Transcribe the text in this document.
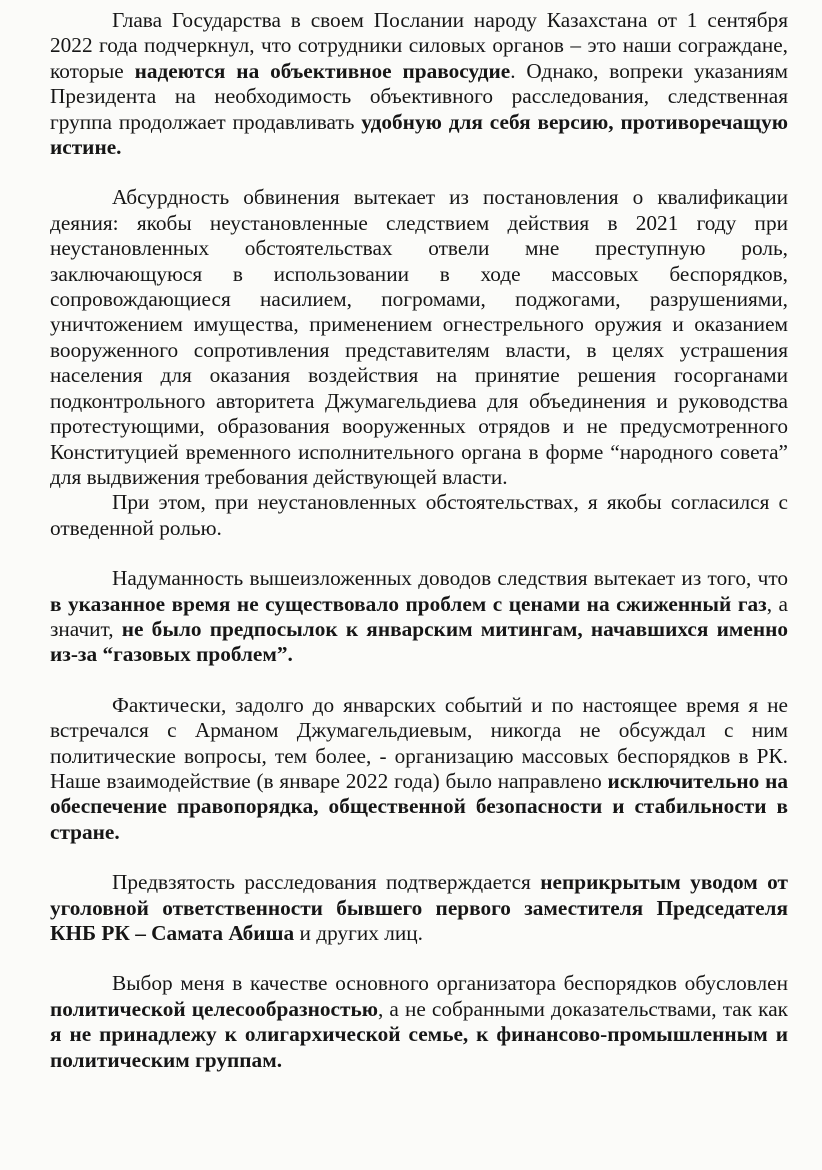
Глава Государства в своем Послании народу Казахстана от 1 сентября 2022 года подчеркнул, что сотрудники силовых органов – это наши сограждане, которые надеются на объективное правосудие. Однако, вопреки указаниям Президента на необходимость объективного расследования, следственная группа продолжает продавливать удобную для себя версию, противоречащую истине.

Абсурдность обвинения вытекает из постановления о квалификации деяния: якобы неустановленные следствием действия в 2021 году при неустановленных обстоятельствах отвели мне преступную роль, заключающуюся в использовании в ходе массовых беспорядков, сопровождающиеся насилием, погромами, поджогами, разрушениями, уничтожением имущества, применением огнестрельного оружия и оказанием вооруженного сопротивления представителям власти, в целях устрашения населения для оказания воздействия на принятие решения госорганами подконтрольного авторитета Джумагельдиева для объединения и руководства протестующими, образования вооруженных отрядов и не предусмотренного Конституцией временного исполнительного органа в форме “народного совета” для выдвижения требования действующей власти.

При этом, при неустановленных обстоятельствах, я якобы согласился с отведенной ролью.

Надуманность вышеизложенных доводов следствия вытекает из того, что в указанное время не существовало проблем с ценами на сжиженный газ, а значит, не было предпосылок к январским митингам, начавшихся именно из-за “газовых проблем”.

Фактически, задолго до январских событий и по настоящее время я не встречался с Арманом Джумагельдиевым, никогда не обсуждал с ним политические вопросы, тем более, - организацию массовых беспорядков в РК. Наше взаимодействие (в январе 2022 года) было направлено исключительно на обеспечение правопорядка, общественной безопасности и стабильности в стране.

Предвзятость расследования подтверждается неприкрытым уводом от уголовной ответственности бывшего первого заместителя Председателя КНБ РК – Самата Абиша и других лиц.

Выбор меня в качестве основного организатора беспорядков обусловлен политической целесообразностью, а не собранными доказательствами, так как я не принадлежу к олигархической семье, к финансово-промышленным и политическим группам.
